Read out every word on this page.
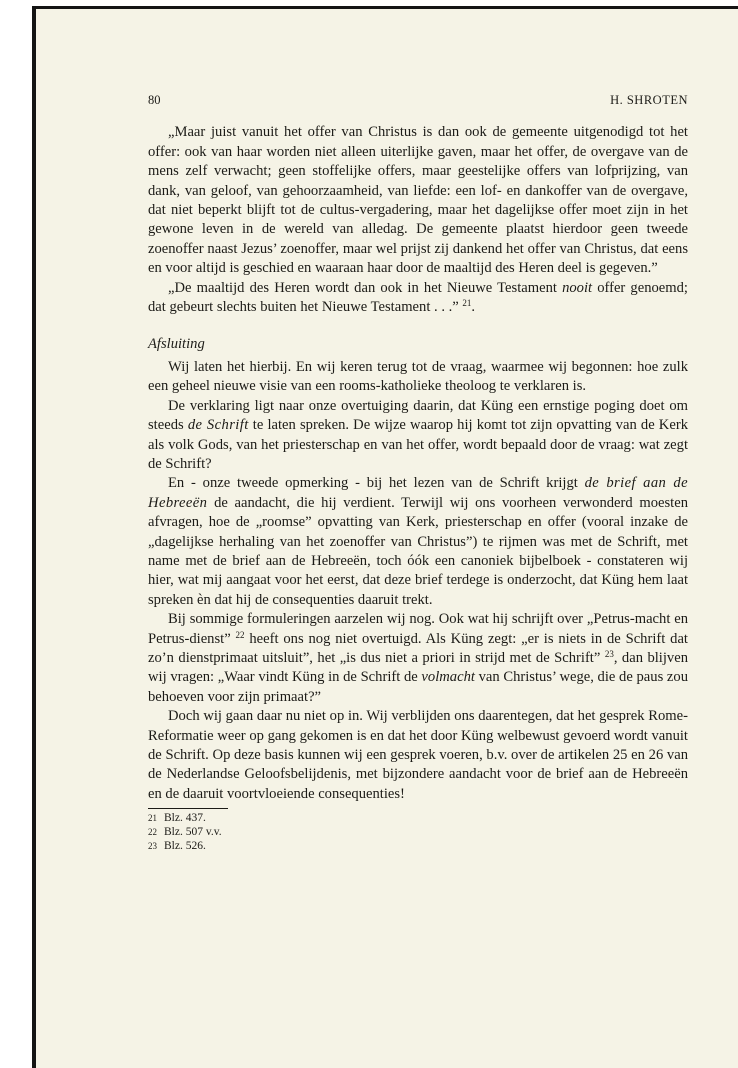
80	H. SHROTEN

„Maar juist vanuit het offer van Christus is dan ook de gemeente uitgenodigd tot het offer: ook van haar worden niet alleen uiterlijke gaven, maar het offer, de overgave van de mens zelf verwacht; geen stoffelijke offers, maar geestelijke offers van lofprijzing, van dank, van geloof, van gehoorzaamheid, van liefde: een lof- en dankoffer van de overgave, dat niet beperkt blijft tot de cultus-vergadering, maar het dagelijkse offer moet zijn in het gewone leven in de wereld van alledag. De gemeente plaatst hierdoor geen tweede zoenoffer naast Jezus’ zoenoffer, maar wel prijst zij dankend het offer van Christus, dat eens en voor altijd is geschied en waaraan haar door de maaltijd des Heren deel is gegeven.”

„De maaltijd des Heren wordt dan ook in het Nieuwe Testament nooit offer genoemd; dat gebeurt slechts buiten het Nieuwe Testament . . .” $^{21}$.

Afsluiting

Wij laten het hierbij. En wij keren terug tot de vraag, waarmee wij begonnen: hoe zulk een geheel nieuwe visie van een rooms-katholieke theoloog te verklaren is.

De verklaring ligt naar onze overtuiging daarin, dat Küng een ernstige poging doet om steeds de Schrift te laten spreken. De wijze waarop hij komt tot zijn opvatting van de Kerk als volk Gods, van het priesterschap en van het offer, wordt bepaald door de vraag: wat zegt de Schrift?

En - onze tweede opmerking - bij het lezen van de Schrift krijgt de brief aan de Hebreeën de aandacht, die hij verdient. Terwijl wij ons voorheen verwonderd moesten afvragen, hoe de „roomse” opvatting van Kerk, priesterschap en offer (vooral inzake de „dagelijkse herhaling van het zoenoffer van Christus”) te rijmen was met de Schrift, met name met de brief aan de Hebreeën, toch óók een canoniek bijbelboek - constateren wij hier, wat mij aangaat voor het eerst, dat deze brief terdege is onderzocht, dat Küng hem laat spreken èn dat hij de consequenties daaruit trekt.

Bij sommige formuleringen aarzelen wij nog. Ook wat hij schrijft over „Petrus-macht en Petrus-dienst” $^{22}$ heeft ons nog niet overtuigd. Als Küng zegt: „er is niets in de Schrift dat zo’n dienstprimaat uitsluit”, het „is dus niet a priori in strijd met de Schrift” $^{23}$, dan blijven wij vragen: „Waar vindt Küng in de Schrift de volmacht van Christus’ wege, die de paus zou behoeven voor zijn primaat?”

Doch wij gaan daar nu niet op in. Wij verblijden ons daarentegen, dat het gesprek Rome-Reformatie weer op gang gekomen is en dat het door Küng welbewust gevoerd wordt vanuit de Schrift. Op deze basis kunnen wij een gesprek voeren, b.v. over de artikelen 25 en 26 van de Nederlandse Geloofsbelijdenis, met bijzondere aandacht voor de brief aan de Hebreeën en de daaruit voortvloeiende consequenties!

21 Blz. 437.
22 Blz. 507 v.v.
23 Blz. 526.
